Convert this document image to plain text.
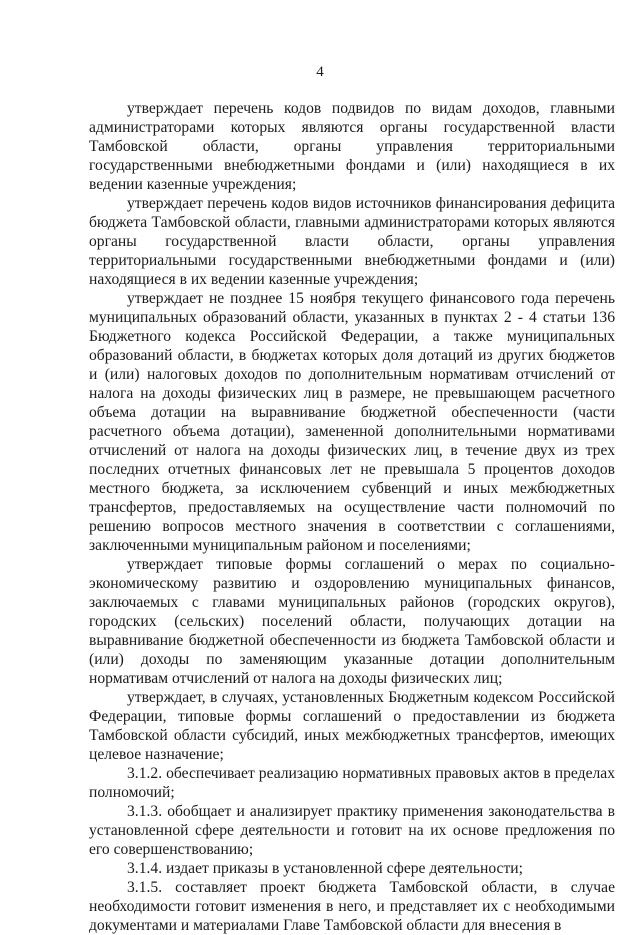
4

утверждает перечень кодов подвидов по видам доходов, главными администраторами которых являются органы государственной власти Тамбовской области, органы управления территориальными государственными внебюджетными фондами и (или) находящиеся в их ведении казенные учреждения;

утверждает перечень кодов видов источников финансирования дефицита бюджета Тамбовской области, главными администраторами которых являются органы государственной власти области, органы управления территориальными государственными внебюджетными фондами и (или) находящиеся в их ведении казенные учреждения;

утверждает не позднее 15 ноября текущего финансового года перечень муниципальных образований области, указанных в пунктах 2 - 4 статьи 136 Бюджетного кодекса Российской Федерации, а также муниципальных образований области, в бюджетах которых доля дотаций из других бюджетов и (или) налоговых доходов по дополнительным нормативам отчислений от налога на доходы физических лиц в размере, не превышающем расчетного объема дотации на выравнивание бюджетной обеспеченности (части расчетного объема дотации), замененной дополнительными нормативами отчислений от налога на доходы физических лиц, в течение двух из трех последних отчетных финансовых лет не превышала 5 процентов доходов местного бюджета, за исключением субвенций и иных межбюджетных трансфертов, предоставляемых на осуществление части полномочий по решению вопросов местного значения в соответствии с соглашениями, заключенными муниципальным районом и поселениями;

утверждает типовые формы соглашений о мерах по социально-экономическому развитию и оздоровлению муниципальных финансов, заключаемых с главами муниципальных районов (городских округов), городских (сельских) поселений области, получающих дотации на выравнивание бюджетной обеспеченности из бюджета Тамбовской области и (или) доходы по заменяющим указанные дотации дополнительным нормативам отчислений от налога на доходы физических лиц;

утверждает, в случаях, установленных Бюджетным кодексом Российской Федерации, типовые формы соглашений о предоставлении из бюджета Тамбовской области субсидий, иных межбюджетных трансфертов, имеющих целевое назначение;

3.1.2. обеспечивает реализацию нормативных правовых актов в пределах полномочий;

3.1.3. обобщает и анализирует практику применения законодательства в установленной сфере деятельности и готовит на их основе предложения по его совершенствованию;

3.1.4. издает приказы в установленной сфере деятельности;

3.1.5. составляет проект бюджета Тамбовской области, в случае необходимости готовит изменения в него, и представляет их с необходимыми документами и материалами Главе Тамбовской области для внесения в
